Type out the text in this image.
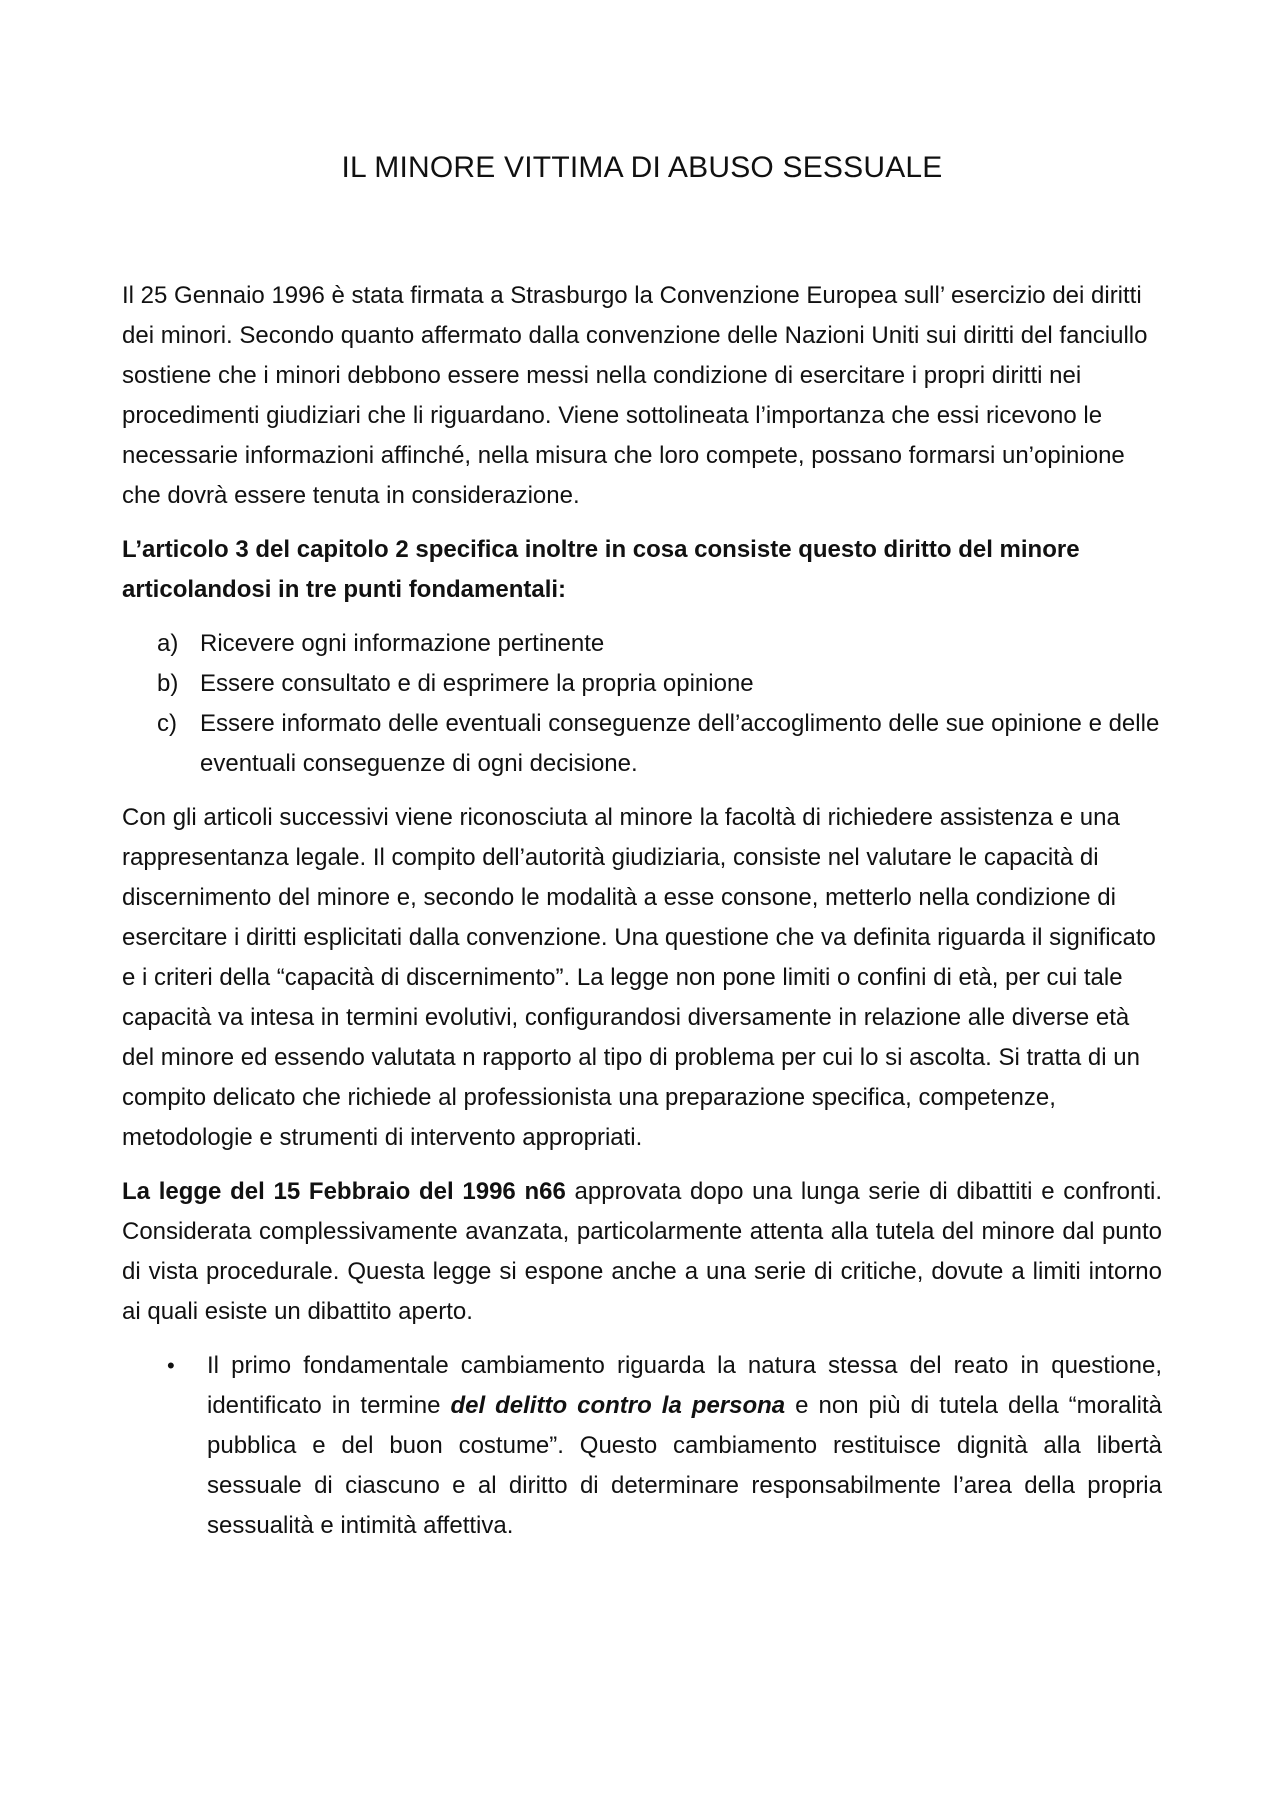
IL MINORE VITTIMA DI ABUSO SESSUALE

Il 25 Gennaio 1996 è stata firmata a Strasburgo la Convenzione Europea sull’ esercizio dei diritti dei minori. Secondo quanto affermato dalla convenzione delle Nazioni Uniti sui diritti del fanciullo sostiene che i minori debbono essere messi nella condizione di esercitare i propri diritti nei procedimenti giudiziari che li riguardano. Viene sottolineata l’importanza che essi ricevono le necessarie informazioni affinché, nella misura che loro compete, possano formarsi un’opinione che dovrà essere tenuta in considerazione.

L’articolo 3 del capitolo 2 specifica inoltre in cosa consiste questo diritto del minore articolandosi in tre punti fondamentali:

a) Ricevere ogni informazione pertinente
b) Essere consultato e di esprimere la propria opinione
c) Essere informato delle eventuali conseguenze dell’accoglimento delle sue opinione e delle eventuali conseguenze di ogni decisione.

Con gli articoli successivi viene riconosciuta al minore la facoltà di richiedere assistenza e una rappresentanza legale. Il compito dell’autorità giudiziaria, consiste nel valutare le capacità di discernimento del minore e, secondo le modalità a esse consone, metterlo nella condizione di esercitare i diritti esplicitati dalla convenzione. Una questione che va definita riguarda il significato e i criteri della “capacità di discernimento”. La legge non pone limiti o confini di età, per cui tale capacità va intesa in termini evolutivi, configurandosi diversamente in relazione alle diverse età del minore ed essendo valutata n rapporto al tipo di problema per cui lo si ascolta. Si tratta di un compito delicato che richiede al professionista una preparazione specifica, competenze, metodologie e strumenti di intervento appropriati.

La legge del 15 Febbraio del 1996 n66 approvata dopo una lunga serie di dibattiti e confronti. Considerata complessivamente avanzata, particolarmente attenta alla tutela del minore dal punto di vista procedurale. Questa legge si espone anche a una serie di critiche, dovute a limiti intorno ai quali esiste un dibattito aperto.

•	Il primo fondamentale cambiamento riguarda la natura stessa del reato in questione, identificato in termine del delitto contro la persona e non più di tutela della “moralità pubblica e del buon costume”. Questo cambiamento restituisce dignità alla libertà sessuale di ciascuno e al diritto di determinare responsabilmente l’area della propria sessualità e intimità affettiva.
